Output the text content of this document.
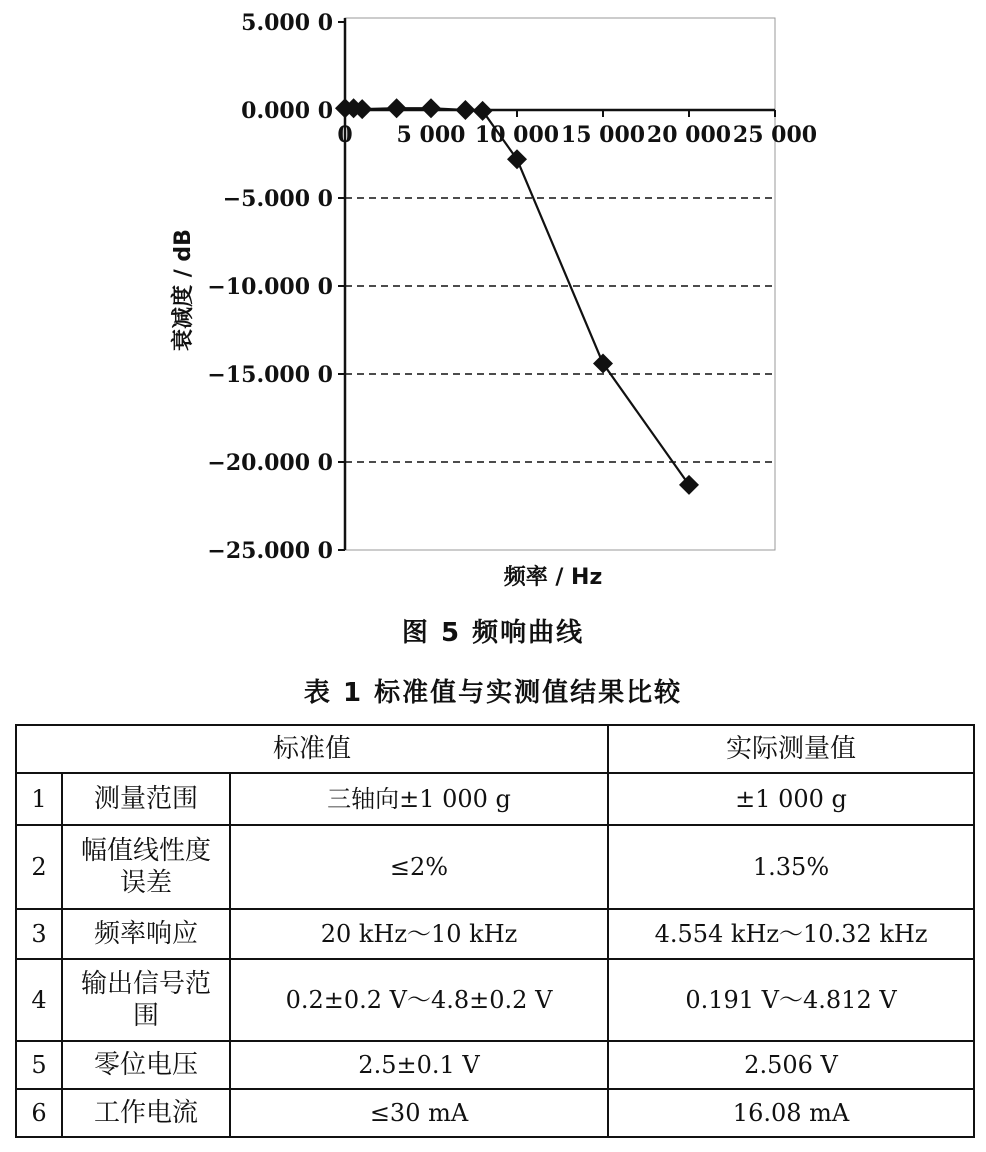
5.000 0
0.000 0
−5.000 0
−10.000 0
−15.000 0
−20.000 0
−25.000 0
0 5 000 10 000 15 000 20 000 25 000
衰减度 / dB
频率 / Hz
图 5 频响曲线
表 1 标准值与实测值结果比较
标准值			实际测量值
1	测量范围	三轴向±1 000 g	±1 000 g
2	幅值线性度误差	≤2%	1.35%
3	频率响应	20 kHz～10 kHz	4.554 kHz～10.32 kHz
4	输出信号范围	0.2±0.2 V～4.8±0.2 V	0.191 V～4.812 V
5	零位电压	2.5±0.1 V	2.506 V
6	工作电流	≤30 mA	16.08 mA
